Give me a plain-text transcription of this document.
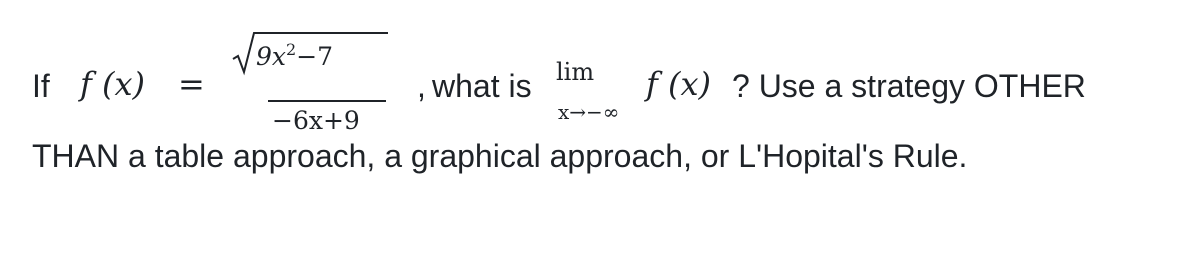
If f (x) =
$9x^2-7$
−6x+9
, what is lim
x→−∞
f (x) ? Use a strategy OTHER
THAN a table approach, a graphical approach, or L'Hopital's Rule.
